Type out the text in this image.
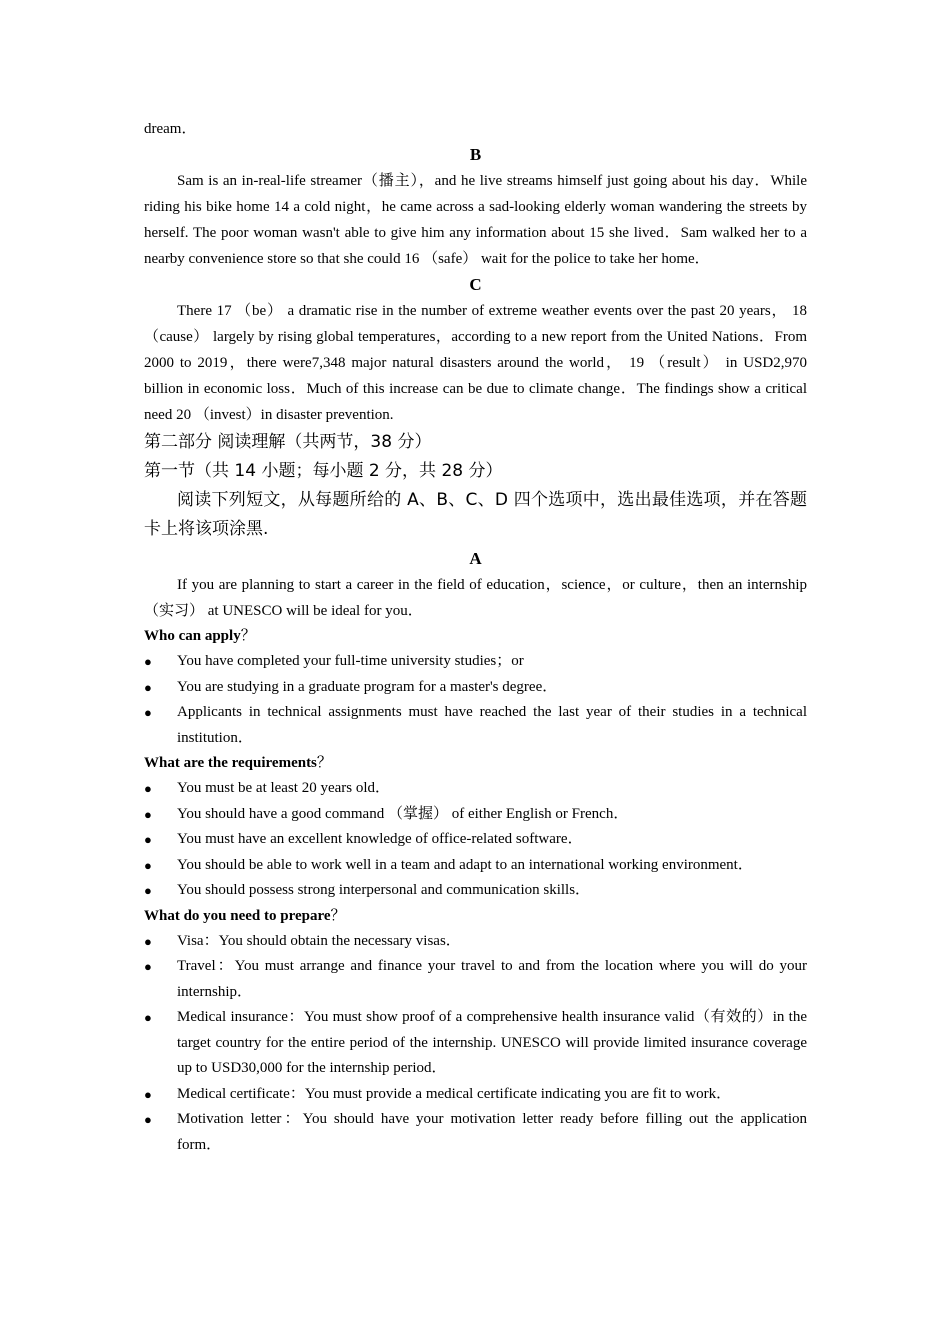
dream．
B
Sam is an in-real-life streamer（播主），and he live streams himself just going about his day．While riding his bike home 14 a cold night，he came across a sad-looking elderly woman wandering the streets by herself. The poor woman wasn't able to give him any information about 15 she lived．Sam walked her to a nearby convenience store so that she could 16 （safe） wait for the police to take her home．
C
There 17 （be） a dramatic rise in the number of extreme weather events over the past 20 years， 18 （cause） largely by rising global temperatures，according to a new report from the United Nations．From 2000 to 2019，there were7,348 major natural disasters around the world， 19 （result） in USD2,970 billion in economic loss．Much of this increase can be due to climate change．The findings show a critical need 20 （invest）in disaster prevention.
第二部分 阅读理解（共两节，38 分）
第一节（共 14 小题；每小题 2 分，共 28 分）
阅读下列短文，从每题所给的 A、B、C、D 四个选项中，选出最佳选项，并在答题卡上将该项涂黑.
A
If you are planning to start a career in the field of education，science，or culture，then an internship（实习） at UNESCO will be ideal for you．
Who can apply？
● You have completed your full-time university studies；or
● You are studying in a graduate program for a master's degree．
● Applicants in technical assignments must have reached the last year of their studies in a technical institution．
What are the requirements？
● You must be at least 20 years old．
● You should have a good command （掌握） of either English or French．
● You must have an excellent knowledge of office-related software．
● You should be able to work well in a team and adapt to an international working environment．
● You should possess strong interpersonal and communication skills．
What do you need to prepare？
● Visa：You should obtain the necessary visas．
● Travel：You must arrange and finance your travel to and from the location where you will do your internship．
● Medical insurance：You must show proof of a comprehensive health insurance valid（有效的）in the target country for the entire period of the internship. UNESCO will provide limited insurance coverage up to USD30,000 for the internship period．
● Medical certificate：You must provide a medical certificate indicating you are fit to work．
● Motivation letter：You should have your motivation letter ready before filling out the application form．
